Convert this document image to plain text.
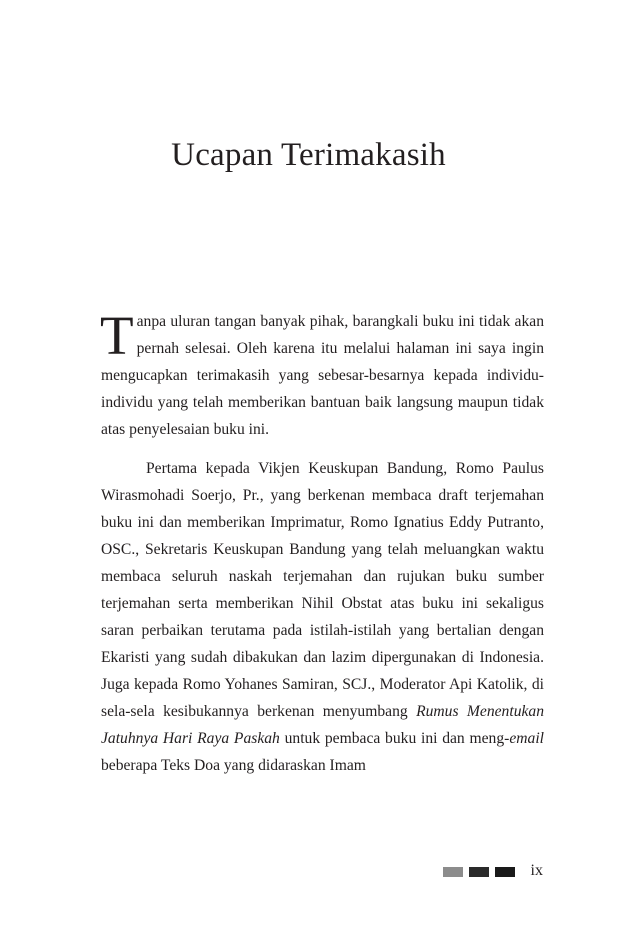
Ucapan Terimakasih

Tanpa uluran tangan banyak pihak, barangkali buku ini tidak akan pernah selesai. Oleh karena itu melalui halaman ini saya ingin mengucapkan terimakasih yang sebesar-besarnya kepada individu-individu yang telah memberikan bantuan baik langsung maupun tidak atas penyelesaian buku ini.

Pertama kepada Vikjen Keuskupan Bandung, Romo Paulus Wirasmohadi Soerjo, Pr., yang berkenan membaca draft terjemahan buku ini dan memberikan Imprimatur, Romo Ignatius Eddy Putranto, OSC., Sekretaris Keuskupan Bandung yang telah meluangkan waktu membaca seluruh naskah terjemahan dan rujukan buku sumber terjemahan serta memberikan Nihil Obstat atas buku ini sekaligus saran perbaikan terutama pada istilah-istilah yang bertalian dengan Ekaristi yang sudah dibakukan dan lazim dipergunakan di Indonesia. Juga kepada Romo Yohanes Samiran, SCJ., Moderator Api Katolik, di sela-sela kesibukannya berkenan menyumbang Rumus Menentukan Jatuhnya Hari Raya Paskah untuk pembaca buku ini dan meng-email beberapa Teks Doa yang didaraskan Imam

ix
